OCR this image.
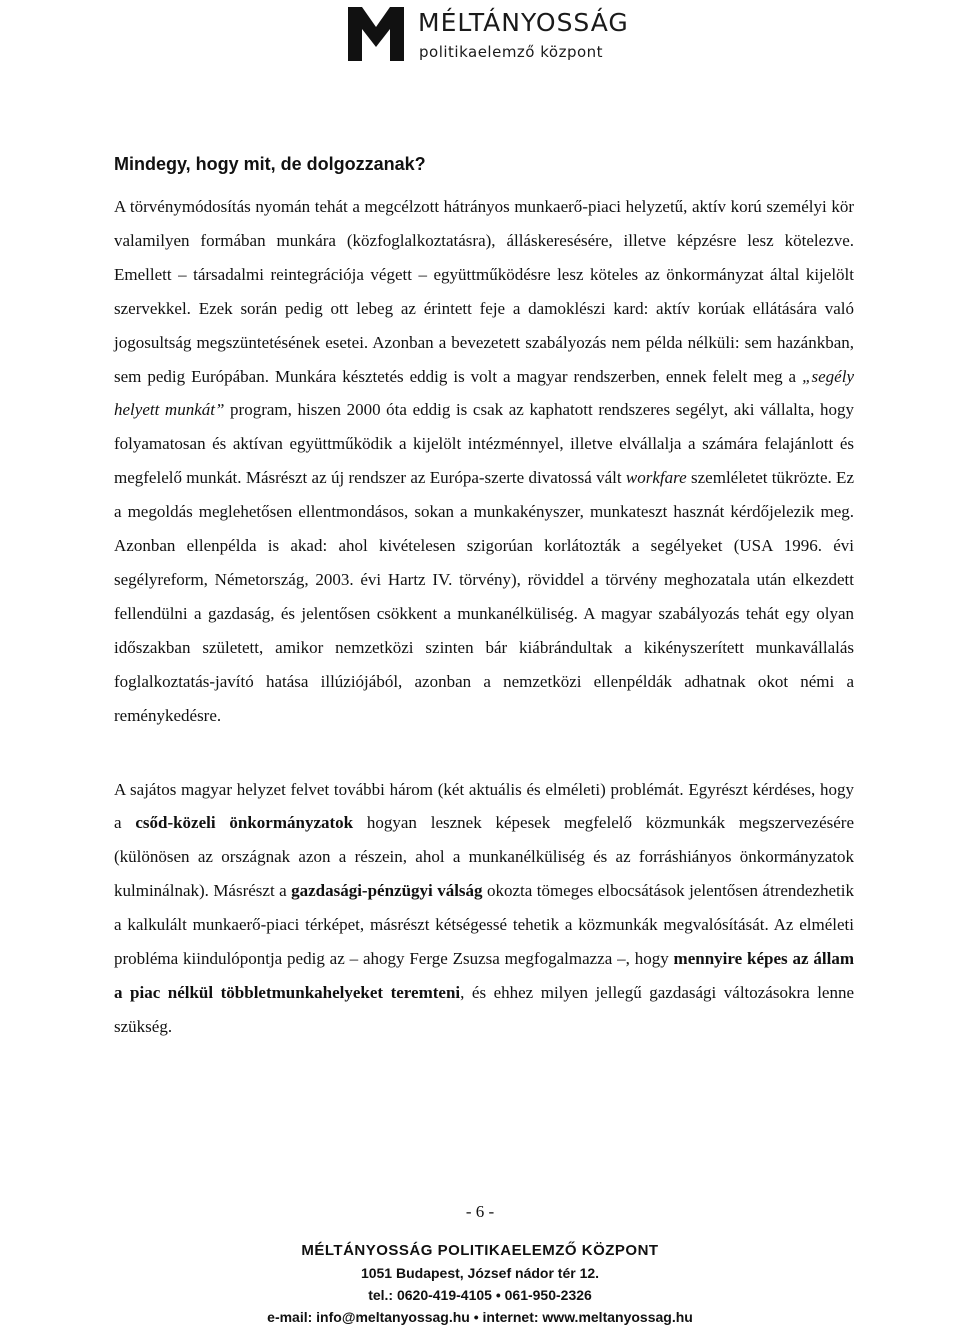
MÉLTÁNYOSSÁG
politikaelemző központ
Mindegy, hogy mit, de dolgozzanak?

A törvénymódosítás nyomán tehát a megcélzott hátrányos munkaerő-piaci helyzetű, aktív korú személyi kör valamilyen formában munkára (közfoglalkoztatásra), álláskeresésére, illetve képzésre lesz kötelezve. Emellett – társadalmi reintegrációja végett – együttműködésre lesz köteles az önkormányzat által kijelölt szervekkel. Ezek során pedig ott lebeg az érintett feje a damoklészi kard: aktív korúak ellátására való jogosultság megszüntetésének esetei. Azonban a bevezetett szabályozás nem példa nélküli: sem hazánkban, sem pedig Európában. Munkára késztetés eddig is volt a magyar rendszerben, ennek felelt meg a „segély helyett munkát” program, hiszen 2000 óta eddig is csak az kaphatott rendszeres segélyt, aki vállalta, hogy folyamatosan és aktívan együttműködik a kijelölt intézménnyel, illetve elvállalja a számára felajánlott és megfelelő munkát. Másrészt az új rendszer az Európa-szerte divatossá vált workfare szemléletet tükrözte. Ez a megoldás meglehetősen ellentmondásos, sokan a munkakényszer, munkateszt hasznát kérdőjelezik meg. Azonban ellenpélda is akad: ahol kivételesen szigorúan korlátozták a segélyeket (USA 1996. évi segélyreform, Németország, 2003. évi Hartz IV. törvény), röviddel a törvény meghozatala után elkezdett fellendülni a gazdaság, és jelentősen csökkent a munkanélküliség. A magyar szabályozás tehát egy olyan időszakban született, amikor nemzetközi szinten bár kiábrándultak a kikényszerített munkavállalás foglalkoztatás-javító hatása illúziójából, azonban a nemzetközi ellenpéldák adhatnak okot némi a reménykedésre.

A sajátos magyar helyzet felvet további három (két aktuális és elméleti) problémát. Egyrészt kérdéses, hogy a csőd-közeli önkormányzatok hogyan lesznek képesek megfelelő közmunkák megszervezésére (különösen az országnak azon a részein, ahol a munkanélküliség és az forráshiányos önkormányzatok kulminálnak). Másrészt a gazdasági-pénzügyi válság okozta tömeges elbocsátások jelentősen átrendezhetik a kalkulált munkaerő-piaci térképet, másrészt kétségessé tehetik a közmunkák megvalósítását. Az elméleti probléma kiindulópontja pedig az – ahogy Ferge Zsuzsa megfogalmazza –, hogy mennyire képes az állam a piac nélkül többletmunkahelyeket teremteni, és ehhez milyen jellegű gazdasági változásokra lenne szükség.

- 6 -
MÉLTÁNYOSSÁG POLITIKAELEMZŐ KÖZPONT
1051 Budapest, József nádor tér 12.
tel.: 0620-419-4105 • 061-950-2326
e-mail: info@meltanyossag.hu • internet: www.meltanyossag.hu
